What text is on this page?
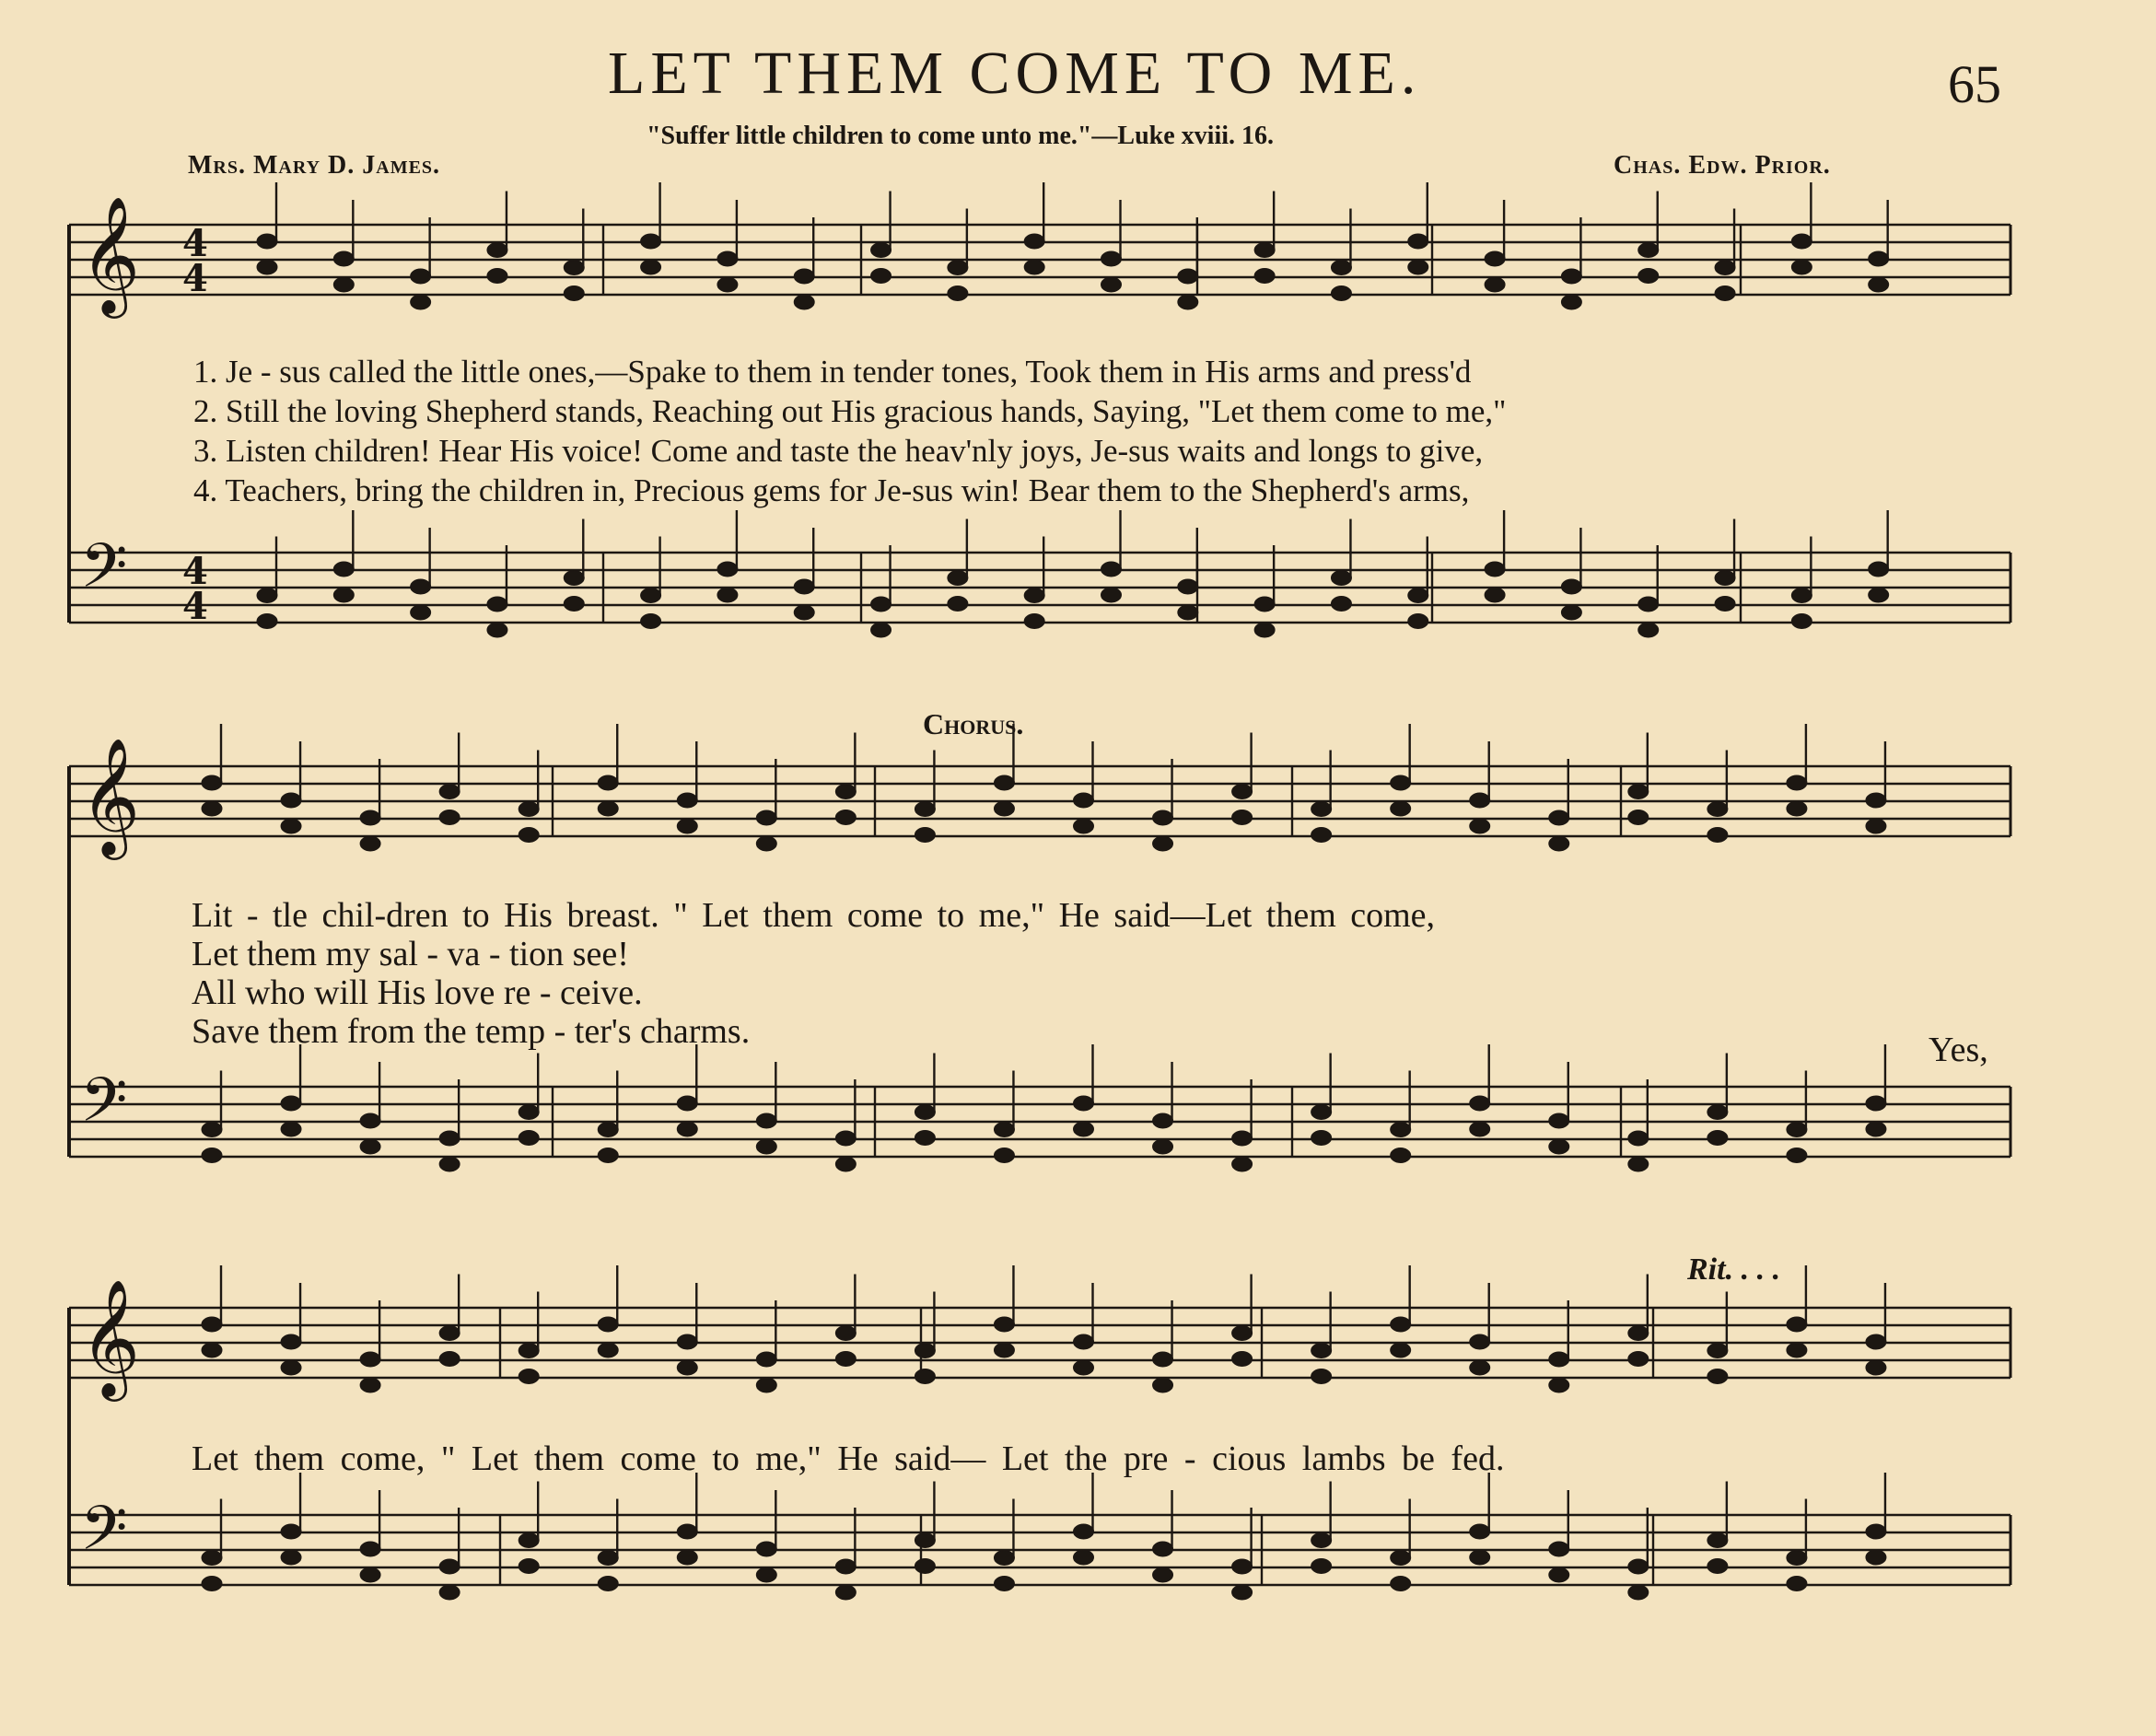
LET THEM COME TO ME.	65
"Suffer little children to come unto me."—Luke xviii. 16.
Mrs. Mary D. James.	Chas. Edw. Prior.
𝄞
𝄢
4
4
4
4
𝄞
𝄢
𝄞
𝄢
1. Je - sus called the little ones,—Spake to them in tender tones, Took them in His arms and press'd
2. Still the loving Shepherd stands, Reaching out His gracious hands, Saying, "Let them come to me,"
3. Listen children! Hear His voice! Come and taste the heav'nly joys, Je-sus waits and longs to give,
4. Teachers, bring the children in, Precious gems for Je-sus win! Bear them to the Shepherd's arms,
Chorus.
Lit - tle chil-dren to His breast. " Let them come to me," He said—Let them come,
Let them my sal - va - tion see!
All who will His love re - ceive.
Save them from the temp - ter's charms.	Yes,
Rit. . . .
Let them come, " Let them come to me," He said— Let the pre - cious lambs be fed.
